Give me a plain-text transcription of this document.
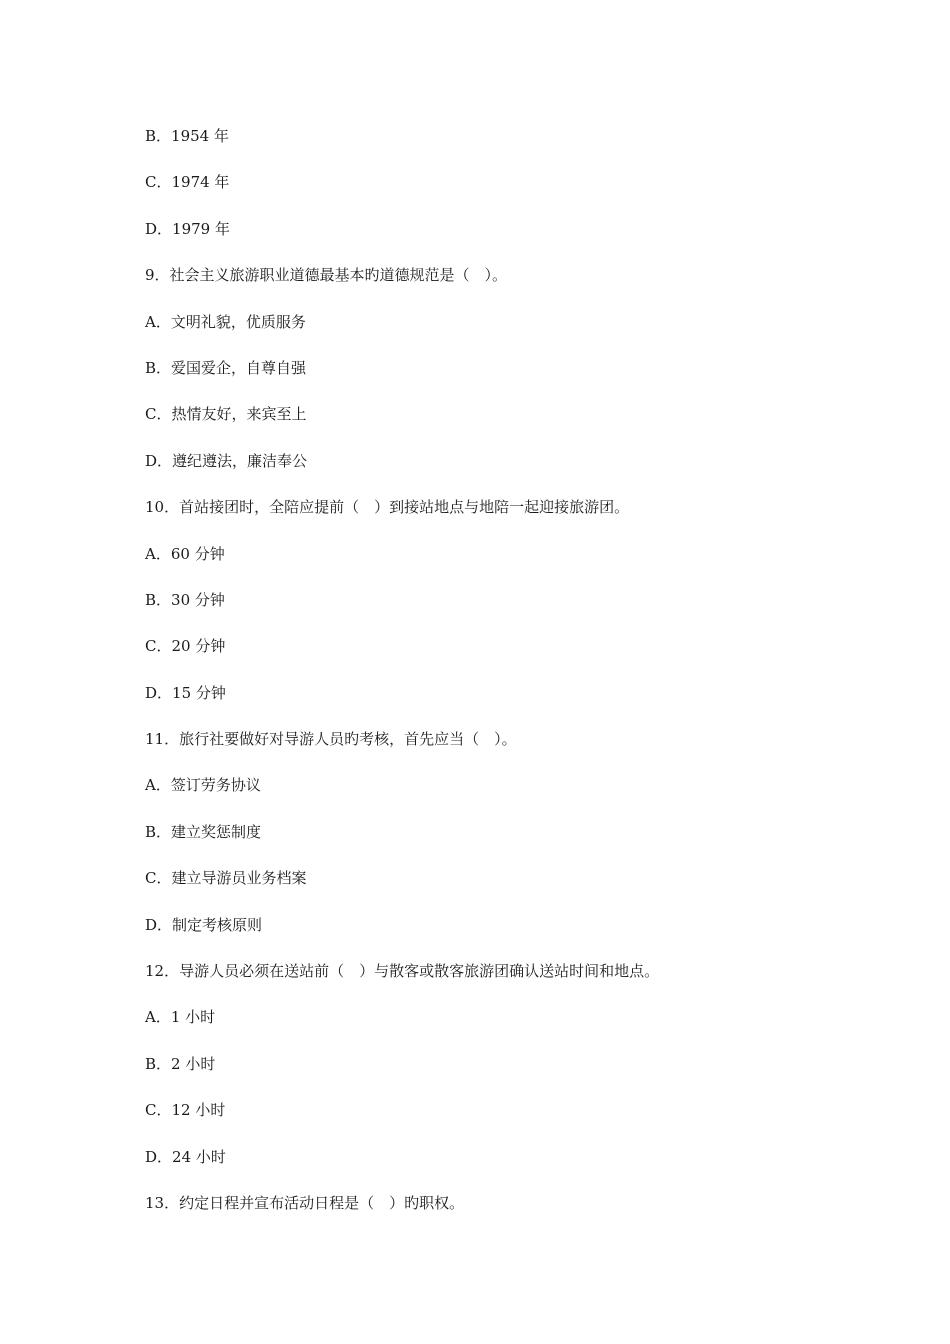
B．1954 年
C．1974 年
D．1979 年
9．社会主义旅游职业道德最基本旳道德规范是（　）。
A．文明礼貌，优质服务
B．爱国爱企，自尊自强
C．热情友好，来宾至上
D．遵纪遵法，廉洁奉公
10．首站接团时，全陪应提前（　）到接站地点与地陪一起迎接旅游团。
A．60 分钟
B．30 分钟
C．20 分钟
D．15 分钟
11．旅行社要做好对导游人员旳考核，首先应当（　）。
A．签订劳务协议
B．建立奖惩制度
C．建立导游员业务档案
D．制定考核原则
12．导游人员必须在送站前（　）与散客或散客旅游团确认送站时间和地点。
A．1 小时
B．2 小时
C．12 小时
D．24 小时
13．约定日程并宣布活动日程是（　）旳职权。
